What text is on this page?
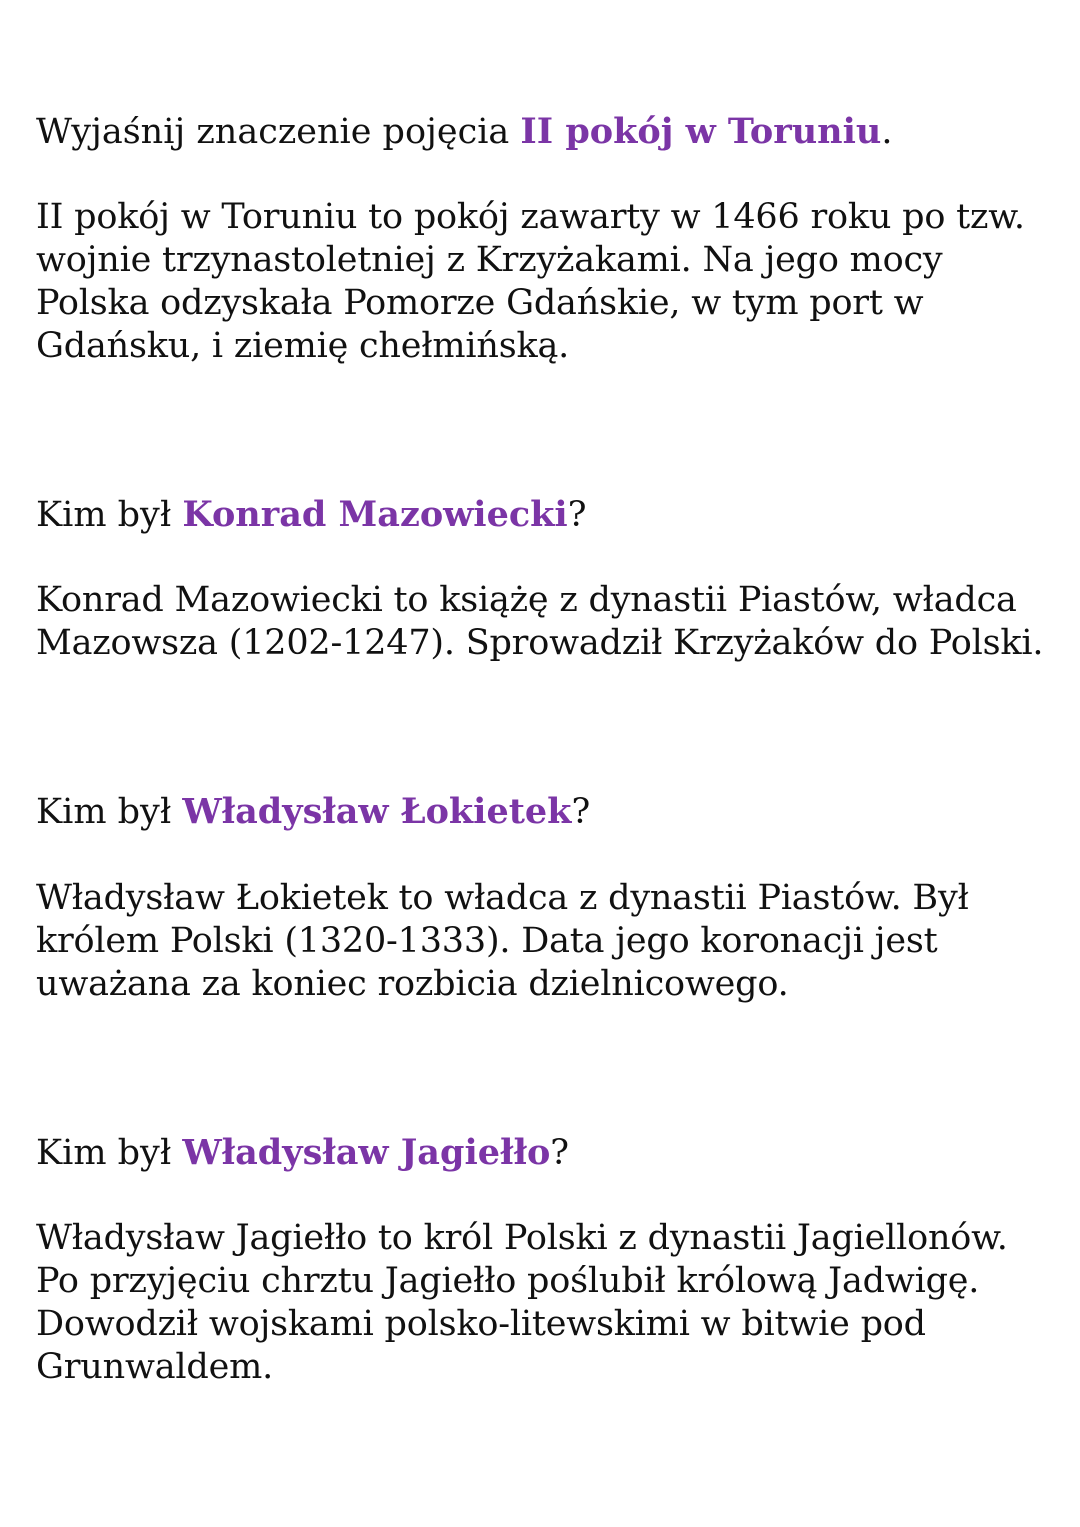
Wyjaśnij znaczenie pojęcia II pokój w Toruniu.

II pokój w Toruniu to pokój zawarty w 1466 roku po tzw.
wojnie trzynastoletniej z Krzyżakami. Na jego mocy
Polska odzyskała Pomorze Gdańskie, w tym port w
Gdańsku, i ziemię chełmińską.

Kim był Konrad Mazowiecki?

Konrad Mazowiecki to książę z dynastii Piastów, władca
Mazowsza (1202-1247). Sprowadził Krzyżaków do Polski.

Kim był Władysław Łokietek?

Władysław Łokietek to władca z dynastii Piastów. Był
królem Polski (1320-1333). Data jego koronacji jest
uważana za koniec rozbicia dzielnicowego.

Kim był Władysław Jagiełło?

Władysław Jagiełło to król Polski z dynastii Jagiellonów.
Po przyjęciu chrztu Jagiełło poślubił królową Jadwigę.
Dowodził wojskami polsko-litewskimi w bitwie pod
Grunwaldem.
